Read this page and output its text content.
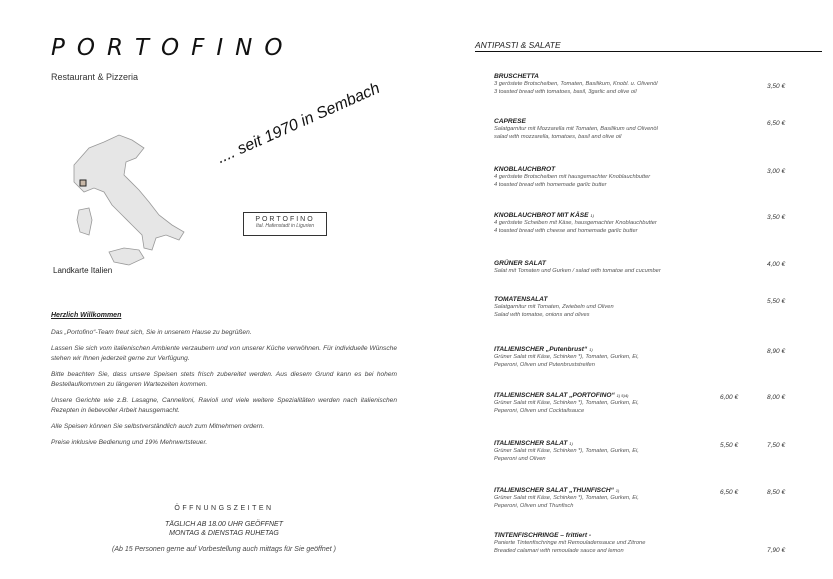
PORTOFINO
Restaurant & Pizzeria
Landkarte Italien
.... seit 1970 in Sembach
PORTOFINO
Ital. Hafenstadt in Ligurien
Herzlich Willkommen

Das „Portofino“-Team freut sich, Sie in unserem Hause zu begrüßen.

Lassen Sie sich vom italienischen Ambiente verzaubern und von unserer Küche verwöhnen. Für individuelle Wünsche stehen wir Ihnen jederzeit gerne zur Verfügung.

Bitte beachten Sie, dass unsere Speisen stets frisch zubereitet werden. Aus diesem Grund kann es bei hohem Bestellaufkommen zu längeren Wartezeiten kommen.

Unsere Gerichte wie z.B. Lasagne, Cannelloni, Ravioli und viele weitere Spezialitäten werden nach italienischen Rezepten in liebevoller Arbeit hausgemacht.

Alle Speisen können Sie selbstverständlich auch zum Mitnehmen ordern.

Preise inklusive Bedienung und 19% Mehrwertsteuer.

ÖFFNUNGSZEITEN
TÄGLICH AB 18.00 UHR GEÖFFNET
MONTAG & DIENSTAG RUHETAG
(Ab 15 Personen gerne auf Vorbestellung auch mittags für Sie geöffnet )
ANTIPASTI & SALATE
BRUSCHETTA
3 geröstete Brotscheiben, Tomaten, Basilikum, Knobl. u. Olivenöl
3 toasted bread with tomatoes, basil, 3garlic and olive oil
3,50 €
CAPRESE
Salatgarnitur mit Mozzarella mit Tomaten, Basilikum und Olivenöl
salad with mozzarella, tomatoes, basil and olive oil
6,50 €
KNOBLAUCHBROT
4 geröstete Brotscheiben mit hausgemachter Knoblauchbutter
4 toasted bread with homemade garlic butter
3,00 €
KNOBLAUCHBROT MIT KÄSE 1)
4 geröstete Scheiben mit Käse, hausgemachter Knoblauchbutter
4 toasted bread with cheese and homemade garlic butter
3,50 €
GRÜNER SALAT
Salat mit Tomaten und Gurken / salad with tomatoe and cucumber
4,00 €
TOMATENSALAT
Salatgarnitur mit Tomaten, Zwiebeln und Oliven
Salad with tomatoe, onions and olives
5,50 €
ITALIENISCHER „Putenbrust“ 1)
Grüner Salat mit Käse, Schinken *), Tomaten, Gurken, Ei,
Peperoni, Oliven und Putenbruststreifen
8,90 €
ITALIENISCHER SALAT „PORTOFINO“ 1) 5)4)
Grüner Salat mit Käse, Schinken *), Tomaten, Gurken, Ei,
Peperoni, Oliven und Cocktailsauce
8,00 €
6,00 €
ITALIENISCHER SALAT 1)
Grüner Salat mit Käse, Schinken *), Tomaten, Gurken, Ei,
Peperoni und Oliven
7,50 €
5,50 €
ITALIENISCHER SALAT „THUNFISCH“ 1)
Grüner Salat mit Käse, Schinken *), Tomaten, Gurken, Ei,
Peperoni, Oliven und Thunfisch
8,50 €
6,50 €
TINTENFISCHRINGE – frittiert -
Panierte Tintenfischringe mit Remouladensauce und Zitrone
Breaded calamari with remoulade sauce and lemon	7,90 €
